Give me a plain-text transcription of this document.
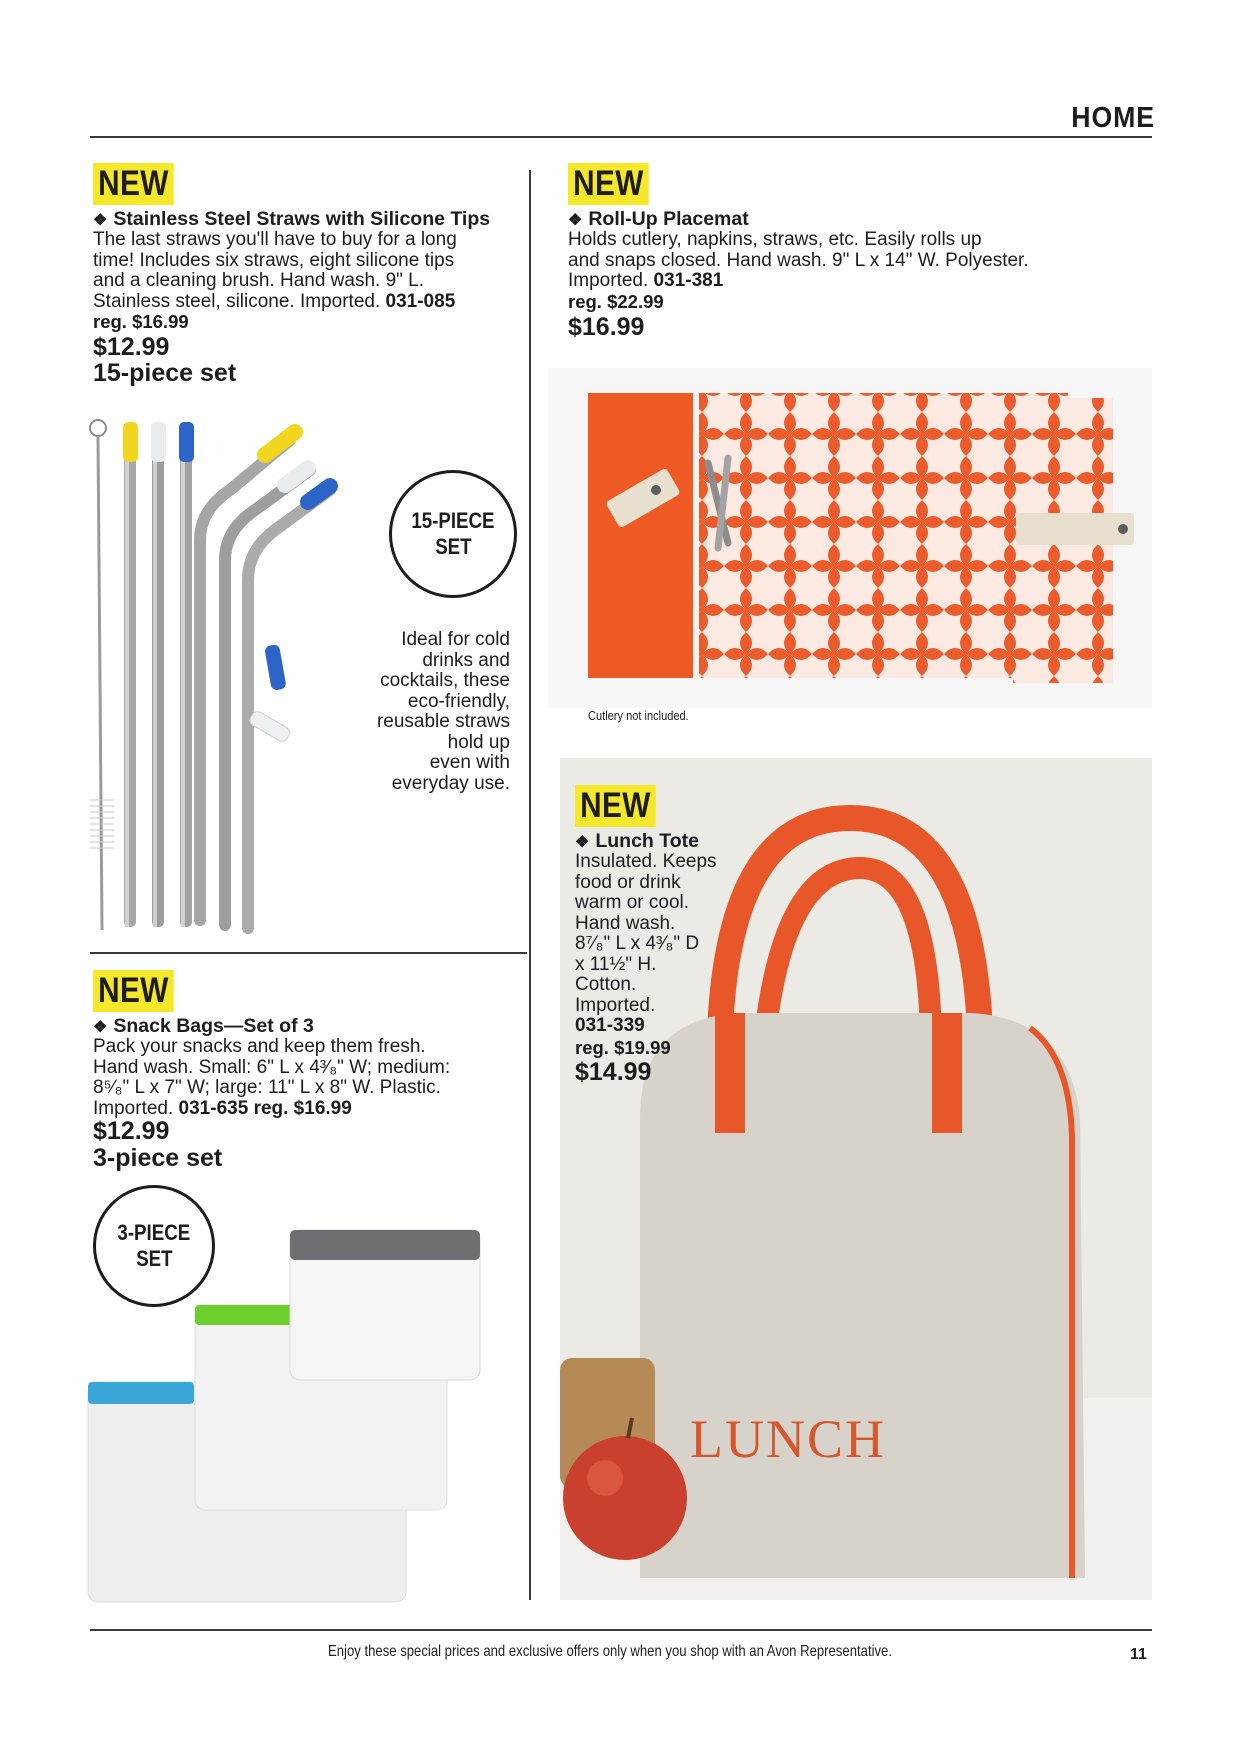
HOME
NEW
❖ Stainless Steel Straws with Silicone Tips
The last straws you'll have to buy for a long
time! Includes six straws, eight silicone tips
and a cleaning brush. Hand wash. 9" L.
Stainless steel, silicone. Imported. 031-085
reg. $16.99
$12.99
15-piece set
15-PIECE
SET
Ideal for cold
drinks and
cocktails, these
eco-friendly,
reusable straws
hold up
even with
everyday use.
NEW
❖ Snack Bags—Set of 3
Pack your snacks and keep them fresh.
Hand wash. Small: 6" L x 4³⁄₈" W; medium:
8⁵⁄₈" L x 7" W; large: 11" L x 8" W. Plastic.
Imported. 031-635 reg. $16.99
$12.99
3-piece set
3-PIECE
SET
NEW
❖ Roll-Up Placemat
Holds cutlery, napkins, straws, etc. Easily rolls up
and snaps closed. Hand wash. 9" L x 14" W. Polyester.
Imported. 031-381
reg. $22.99
$16.99
Cutlery not included.
LUNCH
NEW
❖ Lunch Tote
Insulated. Keeps
food or drink
warm or cool.
Hand wash.
8⁷⁄₈" L x 4³⁄₈" D
x 11½" H.
Cotton.
Imported.
031-339
reg. $19.99
$14.99
Enjoy these special prices and exclusive offers only when you shop with an Avon Representative.	11
